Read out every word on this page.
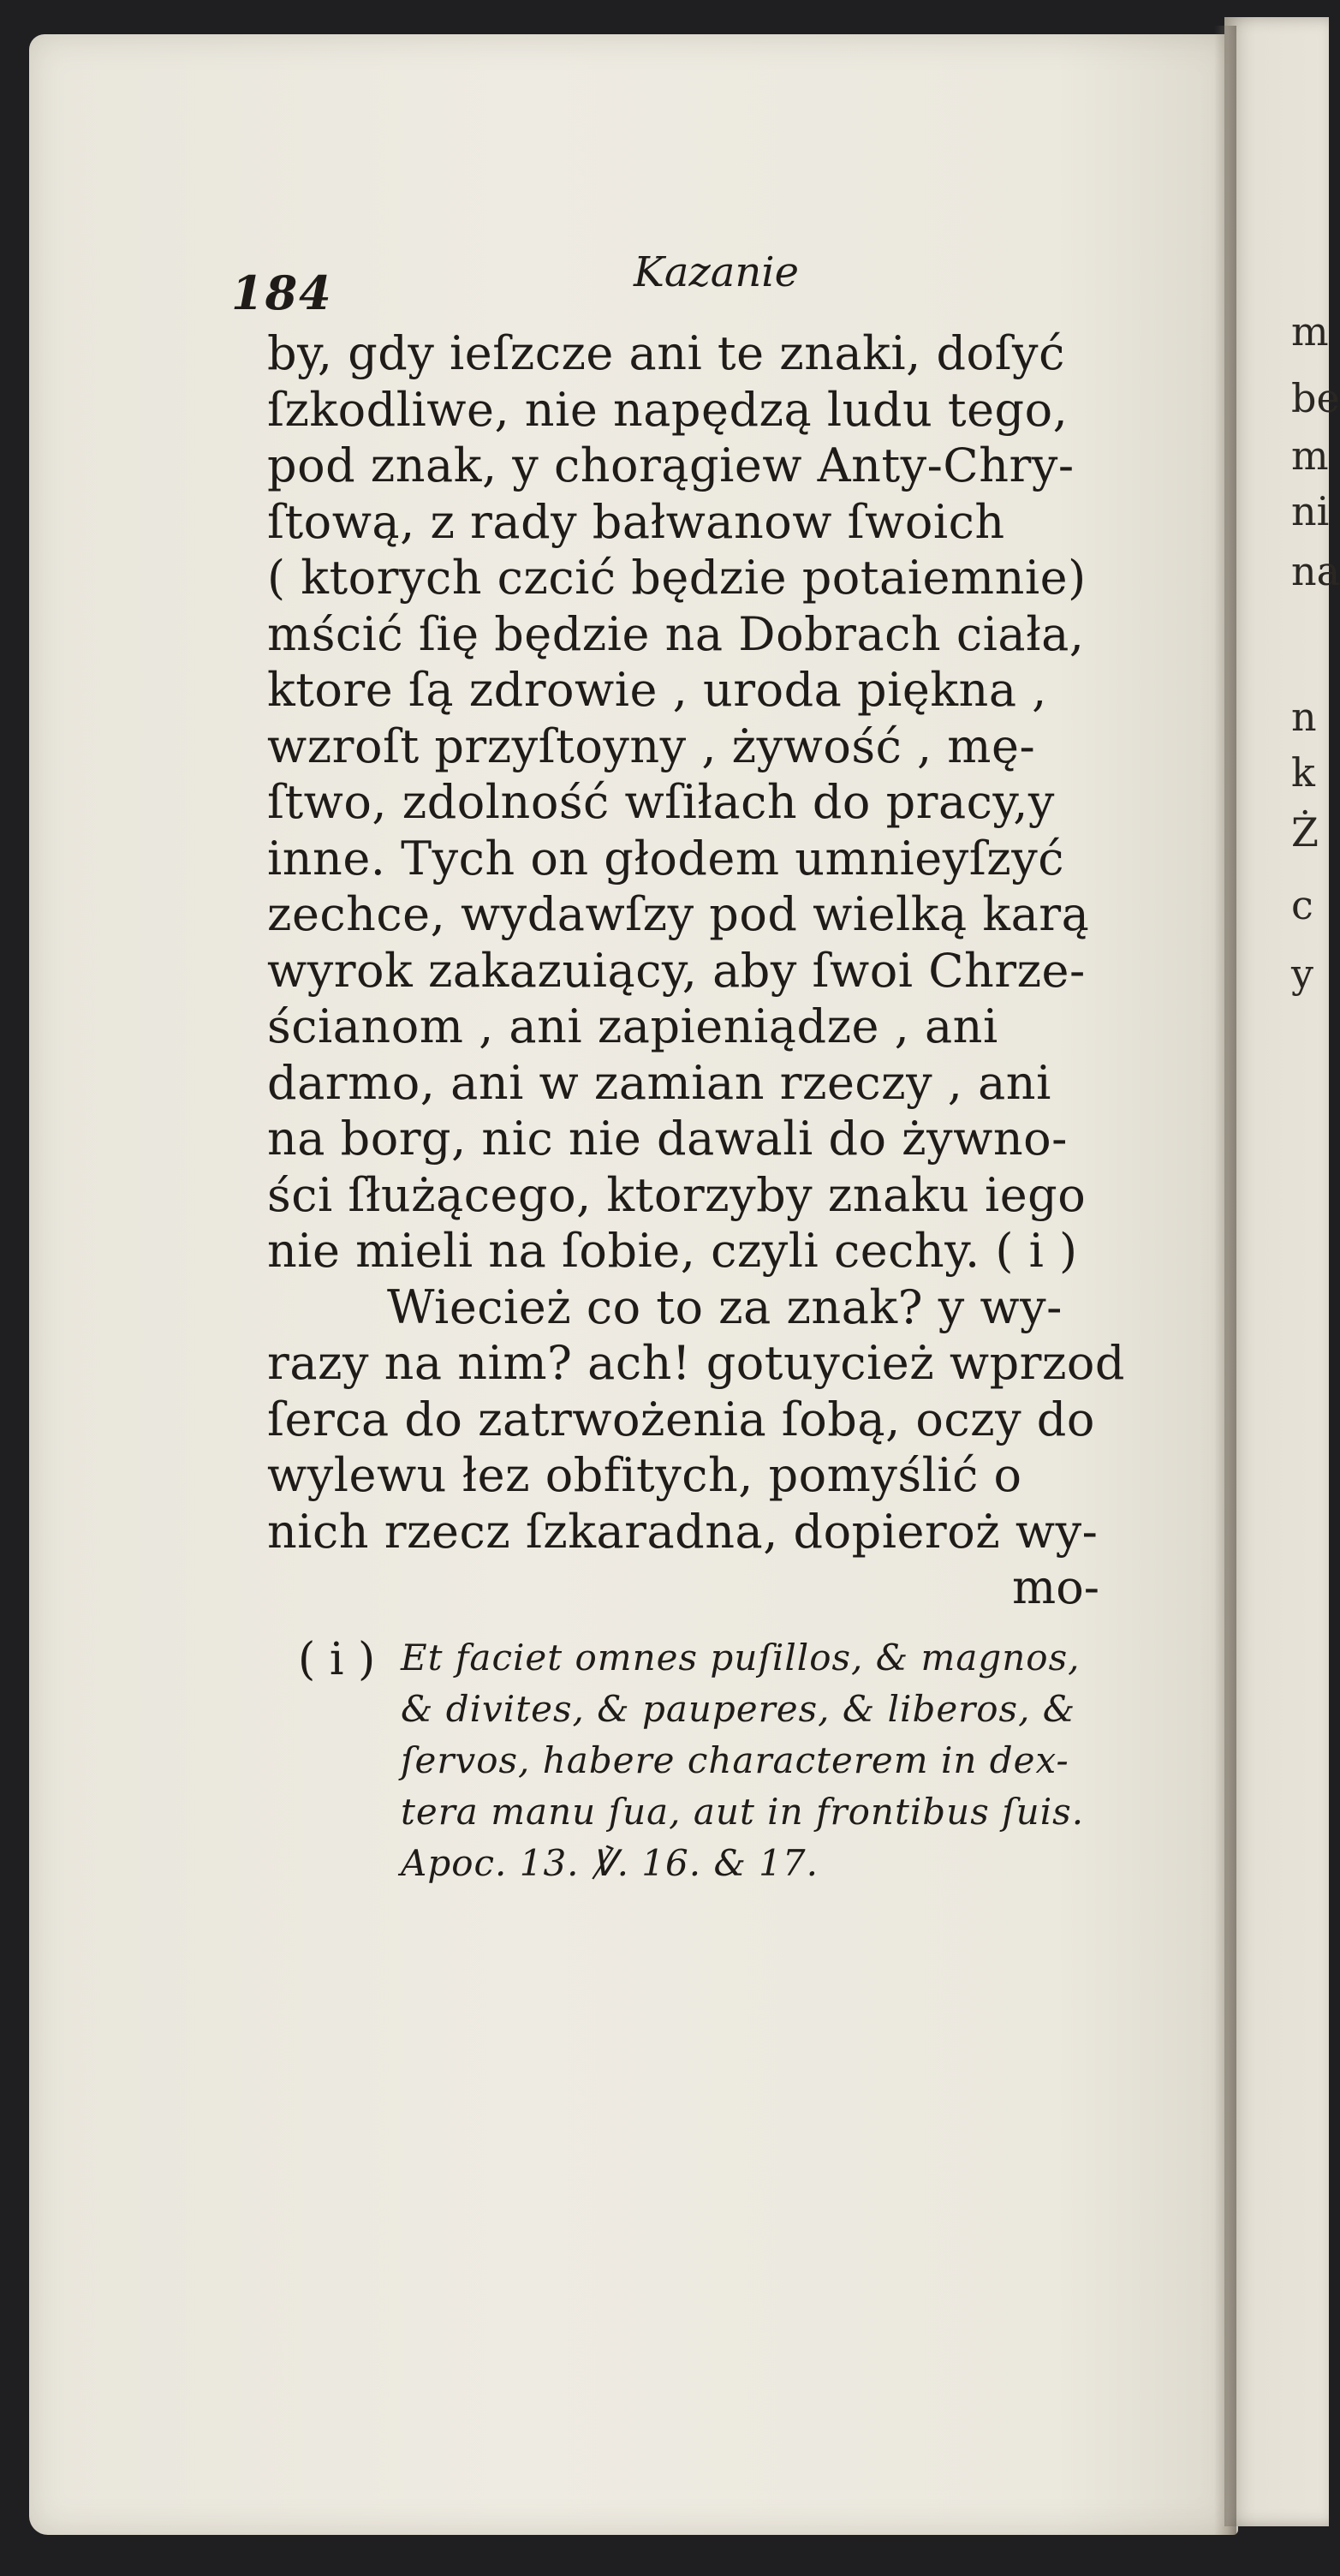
184	Kazanie
by, gdy ieſzcze ani te znaki, doſyć
ſzkodliwe, nie napędzą ludu tego,
pod znak, y chorągiew Anty-Chry-
ſtową, z rady bałwanow ſwoich
( ktorych czcić będzie potaiemnie)
mścić ſię będzie na Dobrach ciała,
ktore ſą zdrowie , uroda piękna ,
wzroſt przyſtoyny , żywość , mę-
ſtwo, zdolność wſiłach do pracy,y
inne. Tych on głodem umnieyſzyć
zechce, wydawſzy pod wielką karą
wyrok zakazuiący, aby ſwoi Chrze-
ścianom , ani zapieniądze , ani
darmo, ani w zamian rzeczy , ani
na borg, nic nie dawali do żywno-
ści ſłużącego, ktorzyby znaku iego
nie mieli na ſobie, czyli cechy. ( i )
Wiecież co to za znak? y wy-
razy na nim? ach! gotuycież wprzod
ſerca do zatrwożenia ſobą, oczy do
wylewu łez obfitych, pomyślić o
nich rzecz ſzkaradna, dopieroż wy-
mo-
( i ) Et faciet omnes puſillos, & magnos,
& divites, & pauperes, & liberos, &
ſervos, habere characterem in dex-
tera manu ſua, aut in frontibus ſuis.
Apoc. 13. ℣. 16. & 17.
m
be
m
ni
na
n
k
Ż
c
y
